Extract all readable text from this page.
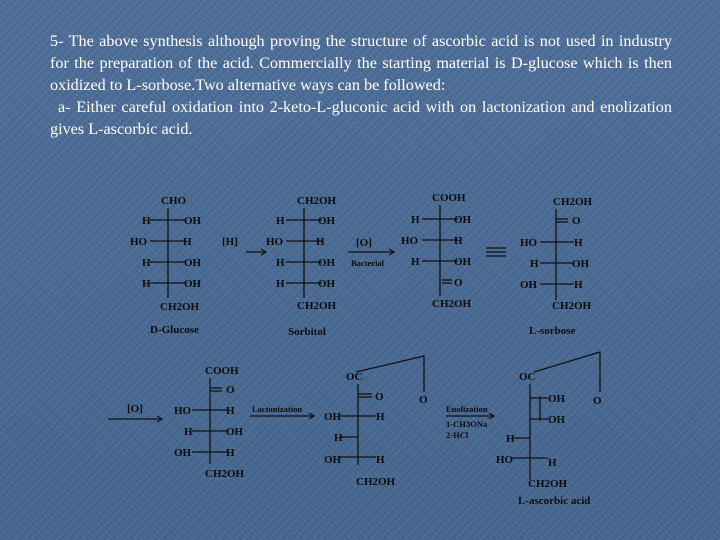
5- The above synthesis although proving the structure of ascorbic acid is not used in industry for the preparation of the acid. Commercially the starting material is D-glucose which is then oxidized to L-sorbose.Two alternative ways can be followed:

a- Either careful oxidation into 2-keto-L-gluconic acid with on lactonization and enolization gives L-ascorbic acid.

CHO
H	OH
HO	H
H	OH
H	OH
CH2OH
D-Glucose
[H]
CH2OH
H	OH
HO	H
H	OH
H	OH
CH2OH
Sorbitol
[O]
Bacterial
COOH
H	OH
HO	H
H	OH
O
CH2OH
CH2OH
O
HO	H
H	OH
OH	H
CH2OH
L-sorbose
[O]
COOH
O
HO	H
H	OH
OH	H
CH2OH
Lactonization
OC
O	O
OH	H
H
OH	H
CH2OH
Enolization
1-CH3ONa
2-HCl
OC
OH
OH
O
H
HO	H
CH2OH
L-ascorbic acid
